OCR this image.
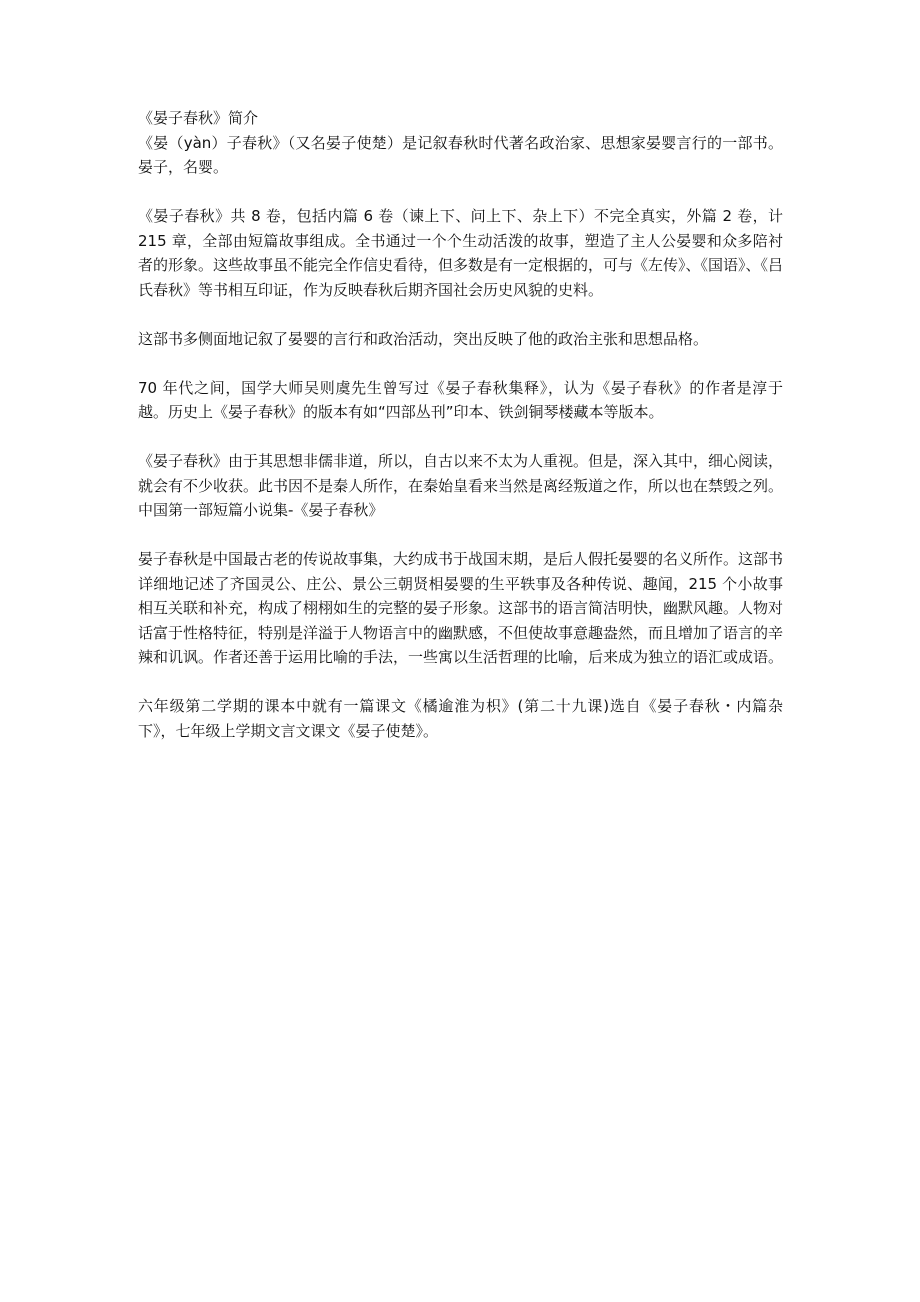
《晏子春秋》简介

《晏（yàn）子春秋》（又名晏子使楚）是记叙春秋时代著名政治家、思想家晏婴言行的一部书。晏子，名婴。

《晏子春秋》共 8 卷，包括内篇 6 卷（谏上下、问上下、杂上下）不完全真实，外篇 2 卷，计 215 章，全部由短篇故事组成。全书通过一个个生动活泼的故事，塑造了主人公晏婴和众多陪衬者的形象。这些故事虽不能完全作信史看待，但多数是有一定根据的，可与《左传》、《国语》、《吕氏春秋》等书相互印证，作为反映春秋后期齐国社会历史风貌的史料。

这部书多侧面地记叙了晏婴的言行和政治活动，突出反映了他的政治主张和思想品格。

70 年代之间，国学大师吴则虞先生曾写过《晏子春秋集释》，认为《晏子春秋》的作者是淳于越。历史上《晏子春秋》的版本有如“四部丛刊”印本、铁剑铜琴楼藏本等版本。

《晏子春秋》由于其思想非儒非道，所以，自古以来不太为人重视。但是，深入其中，细心阅读，就会有不少收获。此书因不是秦人所作，在秦始皇看来当然是离经叛道之作，所以也在禁毁之列。 中国第一部短篇小说集-《晏子春秋》

晏子春秋是中国最古老的传说故事集，大约成书于战国末期，是后人假托晏婴的名义所作。这部书详细地记述了齐国灵公、庄公、景公三朝贤相晏婴的生平轶事及各种传说、趣闻，215 个小故事相互关联和补充，构成了栩栩如生的完整的晏子形象。这部书的语言简洁明快，幽默风趣。人物对话富于性格特征，特别是洋溢于人物语言中的幽默感，不但使故事意趣盎然，而且增加了语言的辛辣和讥讽。作者还善于运用比喻的手法，一些寓以生活哲理的比喻，后来成为独立的语汇或成语。

六年级第二学期的课本中就有一篇课文《橘逾淮为枳》(第二十九课)选自《晏子春秋・内篇杂下》，七年级上学期文言文课文《晏子使楚》。
